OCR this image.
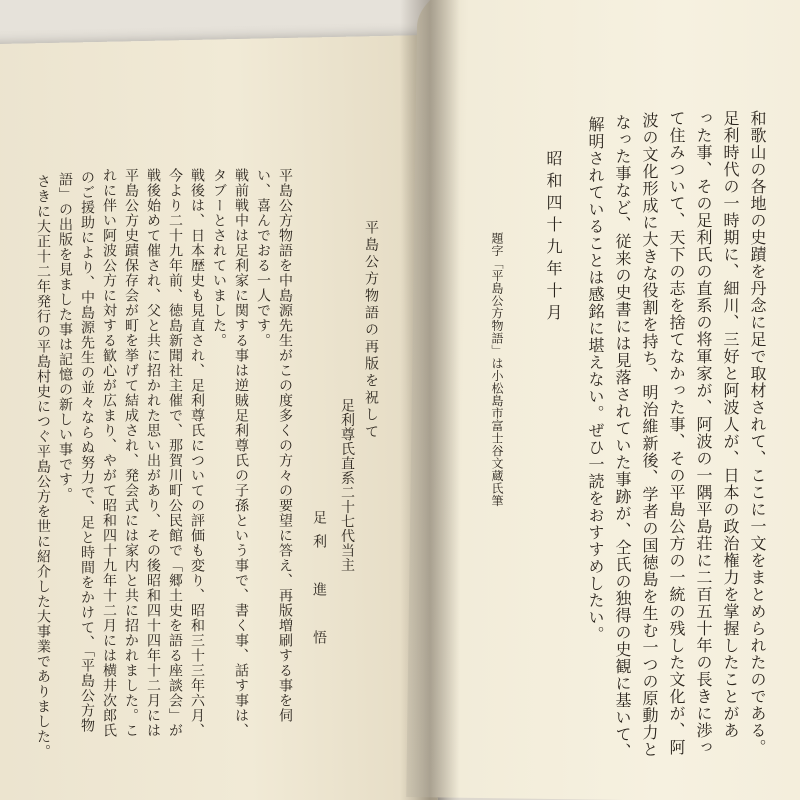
平島公方物語の再版を祝して
足利尊氏直系二十七代当主
足利　進　悟
平島公方物語を中島源先生がこの度多くの方々の要望に答え、再版増刷する事を伺
い、喜んでおる一人です。
戦前戦中は足利家に関する事は逆賊足利尊氏の子孫という事で、書く事、話す事は、
タブーとされていました。
戦後は、日本歴史も見直され、足利尊氏についての評価も変り、昭和三十三年六月、
今より二十九年前、徳島新聞社主催で、那賀川町公民館で「郷土史を語る座談会」が
戦後始めて催され、父と共に招かれた思い出があり、その後昭和四十四年十二月には
平島公方史蹟保存会が町を挙げて結成され、発会式には家内と共に招かれました。こ
れに伴い阿波公方に対する歓心が広まり、やがて昭和四十九年十二月には横井次郎氏
のご援助により、中島源先生の並々ならぬ努力で、足と時間をかけて、「平島公方物
語」の出版を見ました事は記憶の新しい事です。
さきに大正十二年発行の平島村史につぐ平島公方を世に紹介した大事業でありました。	和歌山の各地の史蹟を丹念に足で取材されて、ここに一文をまとめられたのである。
足利時代の一時期に、細川、三好と阿波人が、日本の政治権力を掌握したことがあ
った事、その足利氏の直系の将軍家が、阿波の一隅平島荘に二百五十年の長きに渉っ
て住みついて、天下の志を捨てなかった事、その平島公方の一統の残した文化が、阿
波の文化形成に大きな役割を持ち、明治維新後、学者の国徳島を生む一つの原動力と
なった事など、従来の史書には見落されていた事跡が、仝氏の独得の史観に基いて、
解明されていることは感銘に堪えない。ぜひ一読をおすすめしたい。
昭和四十九年十月
題字「平島公方物語」は小松島市富士谷文蔵氏筆
